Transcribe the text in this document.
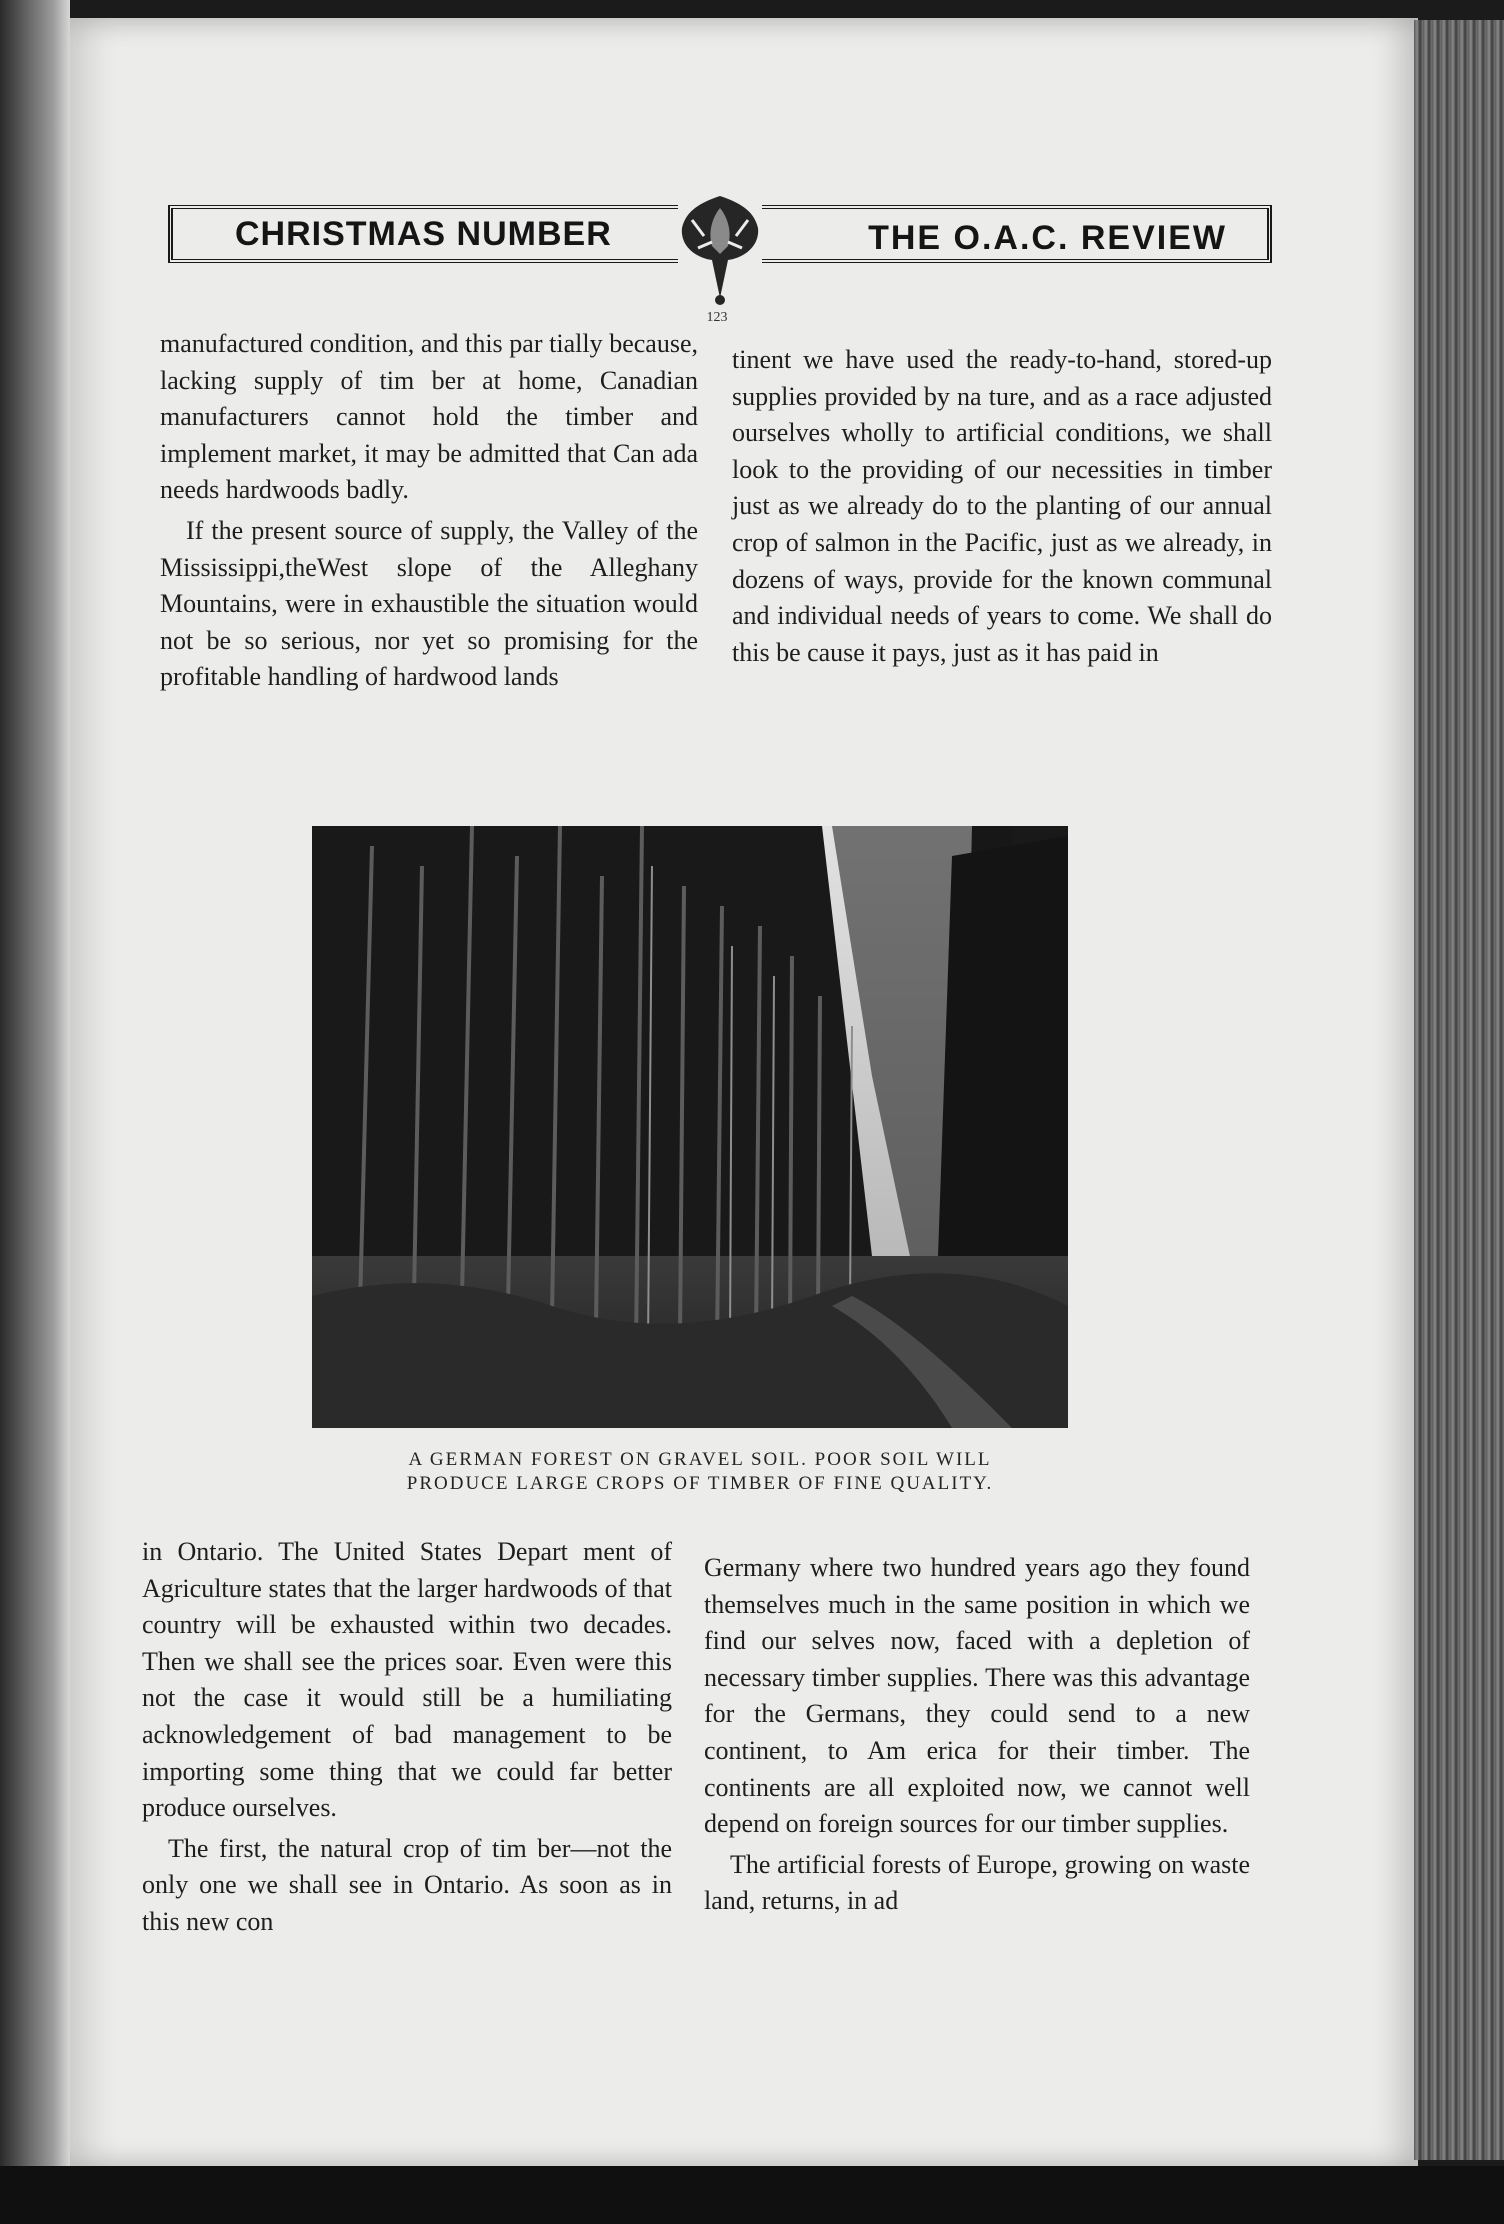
CHRISTMAS NUMBER	THE O.A.C. REVIEW
123

manufactured condition, and this par tially because, lacking supply of tim ber at home, Canadian manufacturers cannot hold the timber and implement market, it may be admitted that Can ada needs hardwoods badly.

If the present source of supply, the Valley of the Mississippi,theWest slope of the Alleghany Mountains, were in exhaustible the situation would not be so serious, nor yet so promising for the profitable handling of hardwood lands

tinent we have used the ready-to-hand, stored-up supplies provided by na ture, and as a race adjusted ourselves wholly to artificial conditions, we shall look to the providing of our necessities in timber just as we already do to the planting of our annual crop of salmon in the Pacific, just as we already, in dozens of ways, provide for the known communal and individual needs of years to come. We shall do this be cause it pays, just as it has paid in

A GERMAN FOREST ON GRAVEL SOIL. POOR SOIL WILL
PRODUCE LARGE CROPS OF TIMBER OF FINE QUALITY.

in Ontario. The United States Depart ment of Agriculture states that the larger hardwoods of that country will be exhausted within two decades. Then we shall see the prices soar. Even were this not the case it would still be a humiliating acknowledgement of bad management to be importing some thing that we could far better produce ourselves.

The first, the natural crop of tim ber—not the only one we shall see in Ontario. As soon as in this new con

Germany where two hundred years ago they found themselves much in the same position in which we find our selves now, faced with a depletion of necessary timber supplies. There was this advantage for the Germans, they could send to a new continent, to Am erica for their timber. The continents are all exploited now, we cannot well depend on foreign sources for our timber supplies.

The artificial forests of Europe, growing on waste land, returns, in ad
